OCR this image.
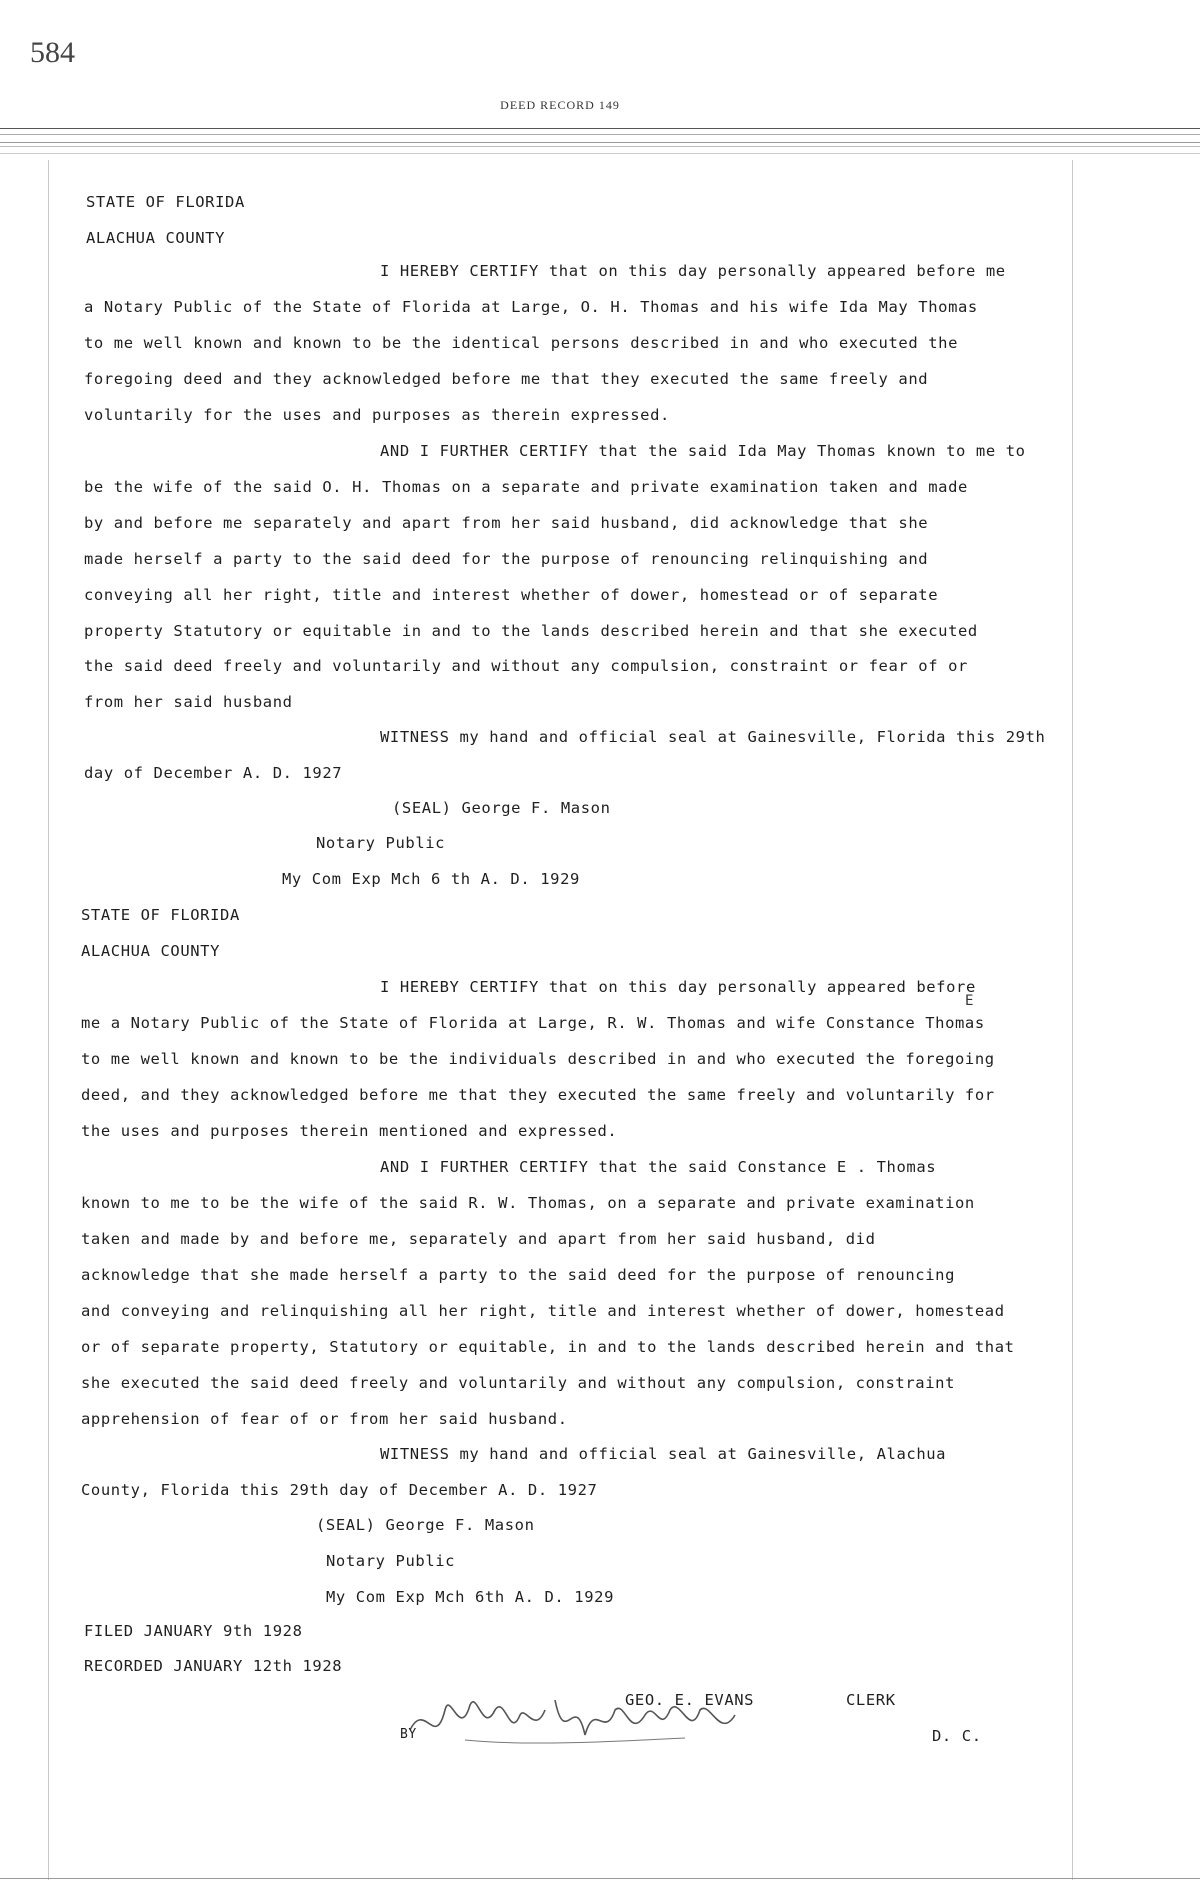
584
DEED RECORD 149
STATE OF FLORIDA
ALACHUA COUNTY
I HEREBY CERTIFY that on this day personally appeared before me
a Notary Public of the State of Florida at Large, O. H. Thomas and his wife Ida May Thomas
to me well known and known to be the identical persons described in and who executed the
foregoing deed and they acknowledged before me that they executed the same freely and
voluntarily for the uses and purposes as therein expressed.
AND I FURTHER CERTIFY that the said Ida May Thomas known to me to
be the wife of the said O. H. Thomas on a separate and private examination taken and made
by and before me separately and apart from her said husband, did acknowledge that she
made herself a party to the said deed for the purpose of renouncing relinquishing and
conveying all her right, title and interest whether of dower, homestead or of separate
property Statutory or equitable in and to the lands described herein and that she executed
the said deed freely and voluntarily and without any compulsion, constraint or fear of or
from her said husband
WITNESS my hand and official seal at Gainesville, Florida this 29th
day of December A. D. 1927
(SEAL) George F. Mason
Notary Public
My Com Exp Mch 6 th A. D. 1929
STATE OF FLORIDA
ALACHUA COUNTY
I HEREBY CERTIFY that on this day personally appeared before
E
me a Notary Public of the State of Florida at Large, R. W. Thomas and wife Constance Thomas
to me well known and known to be the individuals described in and who executed the foregoing
deed, and they acknowledged before me that they executed the same freely and voluntarily for
the uses and purposes therein mentioned and expressed.
AND I FURTHER CERTIFY that the said Constance E . Thomas
known to me to be the wife of the said R. W. Thomas, on a separate and private examination
taken and made by and before me, separately and apart from her said husband, did
acknowledge that she made herself a party to the said deed for the purpose of renouncing
and conveying and relinquishing all her right, title and interest whether of dower, homestead
or of separate property, Statutory or equitable, in and to the lands described herein and that
she executed the said deed freely and voluntarily and without any compulsion, constraint
apprehension of fear of or from her said husband.
WITNESS my hand and official seal at Gainesville, Alachua
County, Florida this 29th day of December A. D. 1927
(SEAL) George F. Mason
Notary Public
My Com Exp Mch 6th A. D. 1929
FILED JANUARY 9th 1928
RECORDED JANUARY 12th 1928
GEO. E. EVANS	CLERK
BY	D. C.
